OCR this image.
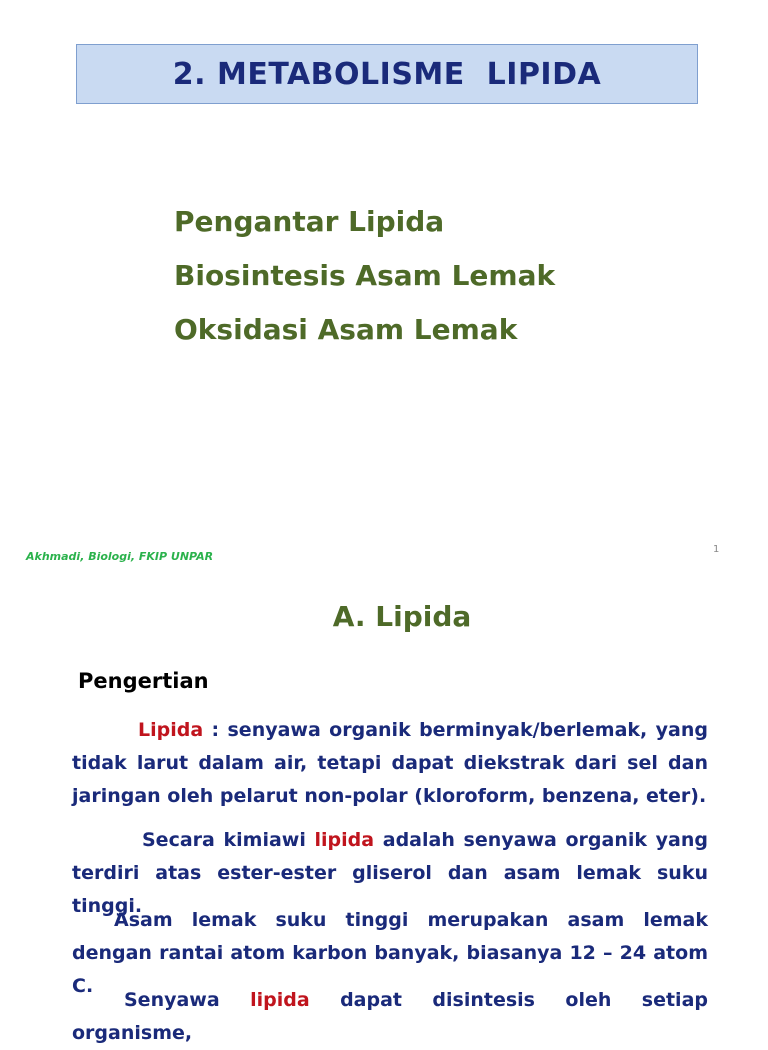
2. METABOLISME  LIPIDA
Pengantar Lipida
Biosintesis Asam Lemak
Oksidasi Asam Lemak
Akhmadi, Biologi, FKIP UNPAR
1
A. Lipida
Pengertian

Lipida : senyawa organik berminyak/berlemak, yang tidak larut dalam air, tetapi dapat diekstrak dari sel dan jaringan oleh pelarut non-polar (kloroform, benzena, eter).

Secara kimiawi lipida adalah senyawa organik yang terdiri atas ester-ester gliserol dan asam lemak suku tinggi.

Asam lemak suku tinggi merupakan asam lemak dengan rantai atom karbon banyak, biasanya 12 – 24 atom C.

Senyawa lipida dapat disintesis oleh setiap organisme,
